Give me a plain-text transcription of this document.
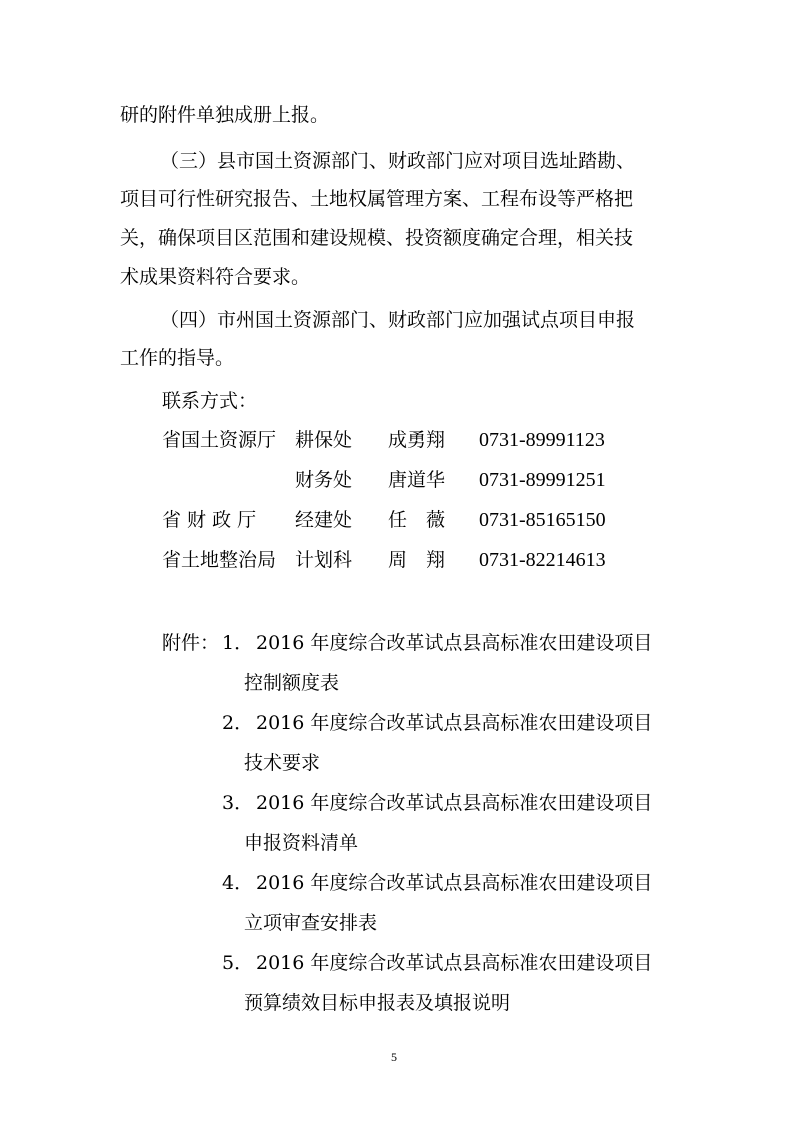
研的附件单独成册上报。
（三）县市国土资源部门、财政部门应对项目选址踏勘、
项目可行性研究报告、土地权属管理方案、工程布设等严格把
关，确保项目区范围和建设规模、投资额度确定合理，相关技
术成果资料符合要求。
（四）市州国土资源部门、财政部门应加强试点项目申报
工作的指导。
联系方式：
省国土资源厅 耕保处 成勇翔 0731-89991123
财务处 唐道华 0731-89991251
省 财 政 厅 经建处 任　薇 0731-85165150
省土地整治局 计划科 周　翔 0731-82214613
附件： 1． 2016 年度综合改革试点县高标准农田建设项目
控制额度表
2． 2016 年度综合改革试点县高标准农田建设项目
技术要求
3． 2016 年度综合改革试点县高标准农田建设项目
申报资料清单
4． 2016 年度综合改革试点县高标准农田建设项目
立项审查安排表
5． 2016 年度综合改革试点县高标准农田建设项目
预算绩效目标申报表及填报说明
5
